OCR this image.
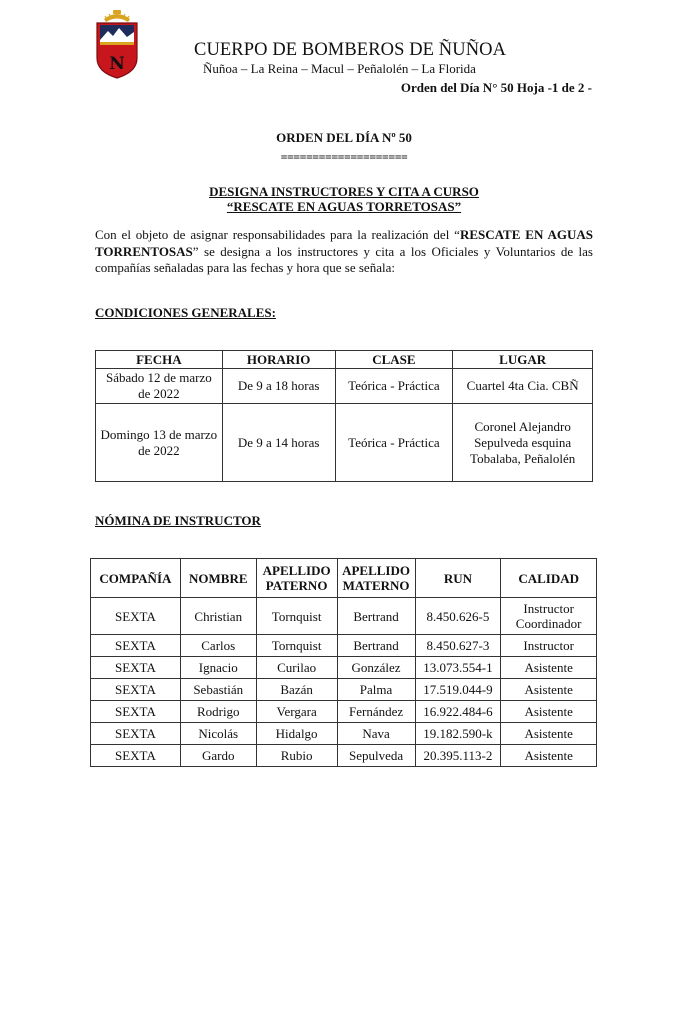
N
CUERPO DE BOMBEROS DE ÑUÑOA
Ñuñoa – La Reina – Macul – Peñalolén – La Florida
Orden del Día N° 50 Hoja -1 de 2 -
ORDEN DEL DÍA Nº 50
====================
DESIGNA INSTRUCTORES Y CITA A CURSO
“RESCATE EN AGUAS TORRETOSAS”
Con el objeto de asignar responsabilidades para la realización del “RESCATE EN AGUAS TORRENTOSAS” se designa a los instructores y cita a los Oficiales y Voluntarios de las compañías señaladas para las fechas y hora que se señala:
CONDICIONES GENERALES:
FECHA	HORARIO	CLASE	LUGAR
Sábado 12 de marzo de 2022	De 9 a 18 horas	Teórica - Práctica	Cuartel 4ta Cia. CBÑ
Domingo 13 de marzo de 2022	De 9 a 14 horas	Teórica - Práctica	Coronel Alejandro Sepulveda esquina Tobalaba, Peñalolén
NÓMINA DE INSTRUCTOR
COMPAÑÍA	NOMBRE	APELLIDO PATERNO	APELLIDO MATERNO	RUN	CALIDAD
SEXTA	Christian	Tornquist	Bertrand	8.450.626-5	Instructor Coordinador
SEXTA	Carlos	Tornquist	Bertrand	8.450.627-3	Instructor
SEXTA	Ignacio	Curilao	González	13.073.554-1	Asistente
SEXTA	Sebastián	Bazán	Palma	17.519.044-9	Asistente
SEXTA	Rodrigo	Vergara	Fernández	16.922.484-6	Asistente
SEXTA	Nicolás	Hidalgo	Nava	19.182.590-k	Asistente
SEXTA	Gardo	Rubio	Sepulveda	20.395.113-2	Asistente
